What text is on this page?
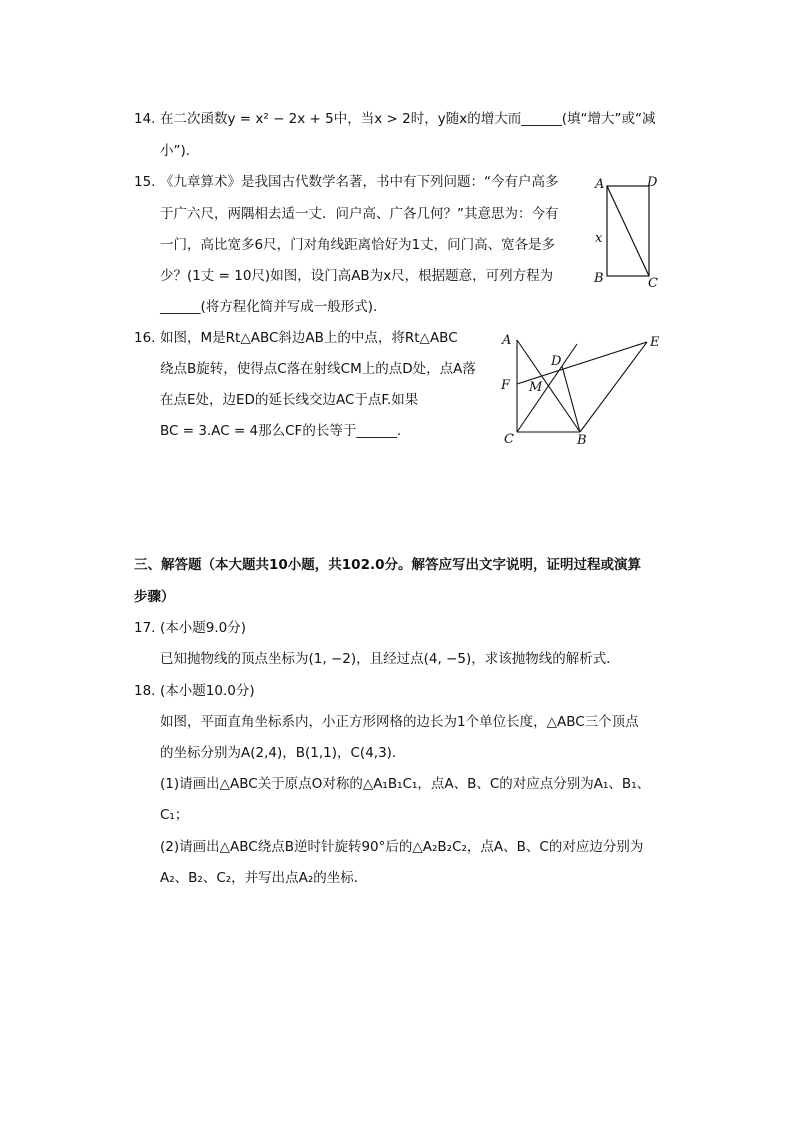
14. 在二次函数y = x² − 2x + 5中，当x > 2时，y随x的增大而______(填“增大”或“减
小”).
15. 《九章算术》是我国古代数学名著，书中有下列问题：“今有户高多
于广六尺，两隅相去适一丈．问户高、广各几何？”其意思为：今有
一门，高比宽多6尺，门对角线距离恰好为1丈，问门高、宽各是多
少？(1丈 = 10尺)如图，设门高AB为x尺，根据题意，可列方程为
______(将方程化简并写成一般形式)．
A	D
x
B	C
16. 如图，M是Rt△ABC斜边AB上的中点，将Rt△ABC
绕点B旋转，使得点C落在射线CM上的点D处，点A落
在点E处，边ED的延长线交边AC于点F.如果
BC = 3.AC = 4那么CF的长等于______．
A
F M
D
E
C	B
三、解答题（本大题共10小题，共102.0分。解答应写出文字说明，证明过程或演算
步骤）
17. (本小题9.0分)
已知抛物线的顶点坐标为(1, −2)，且经过点(4, −5)，求该抛物线的解析式．
18. (本小题10.0分)
如图，平面直角坐标系内，小正方形网格的边长为1个单位长度，△ABC三个顶点
的坐标分别为A(2,4)，B(1,1)，C(4,3)．
(1)请画出△ABC关于原点O对称的△A₁B₁C₁，点A、B、C的对应点分别为A₁、B₁、
C₁；
(2)请画出△ABC绕点B逆时针旋转90°后的△A₂B₂C₂，点A、B、C的对应边分别为
A₂、B₂、C₂，并写出点A₂的坐标．
